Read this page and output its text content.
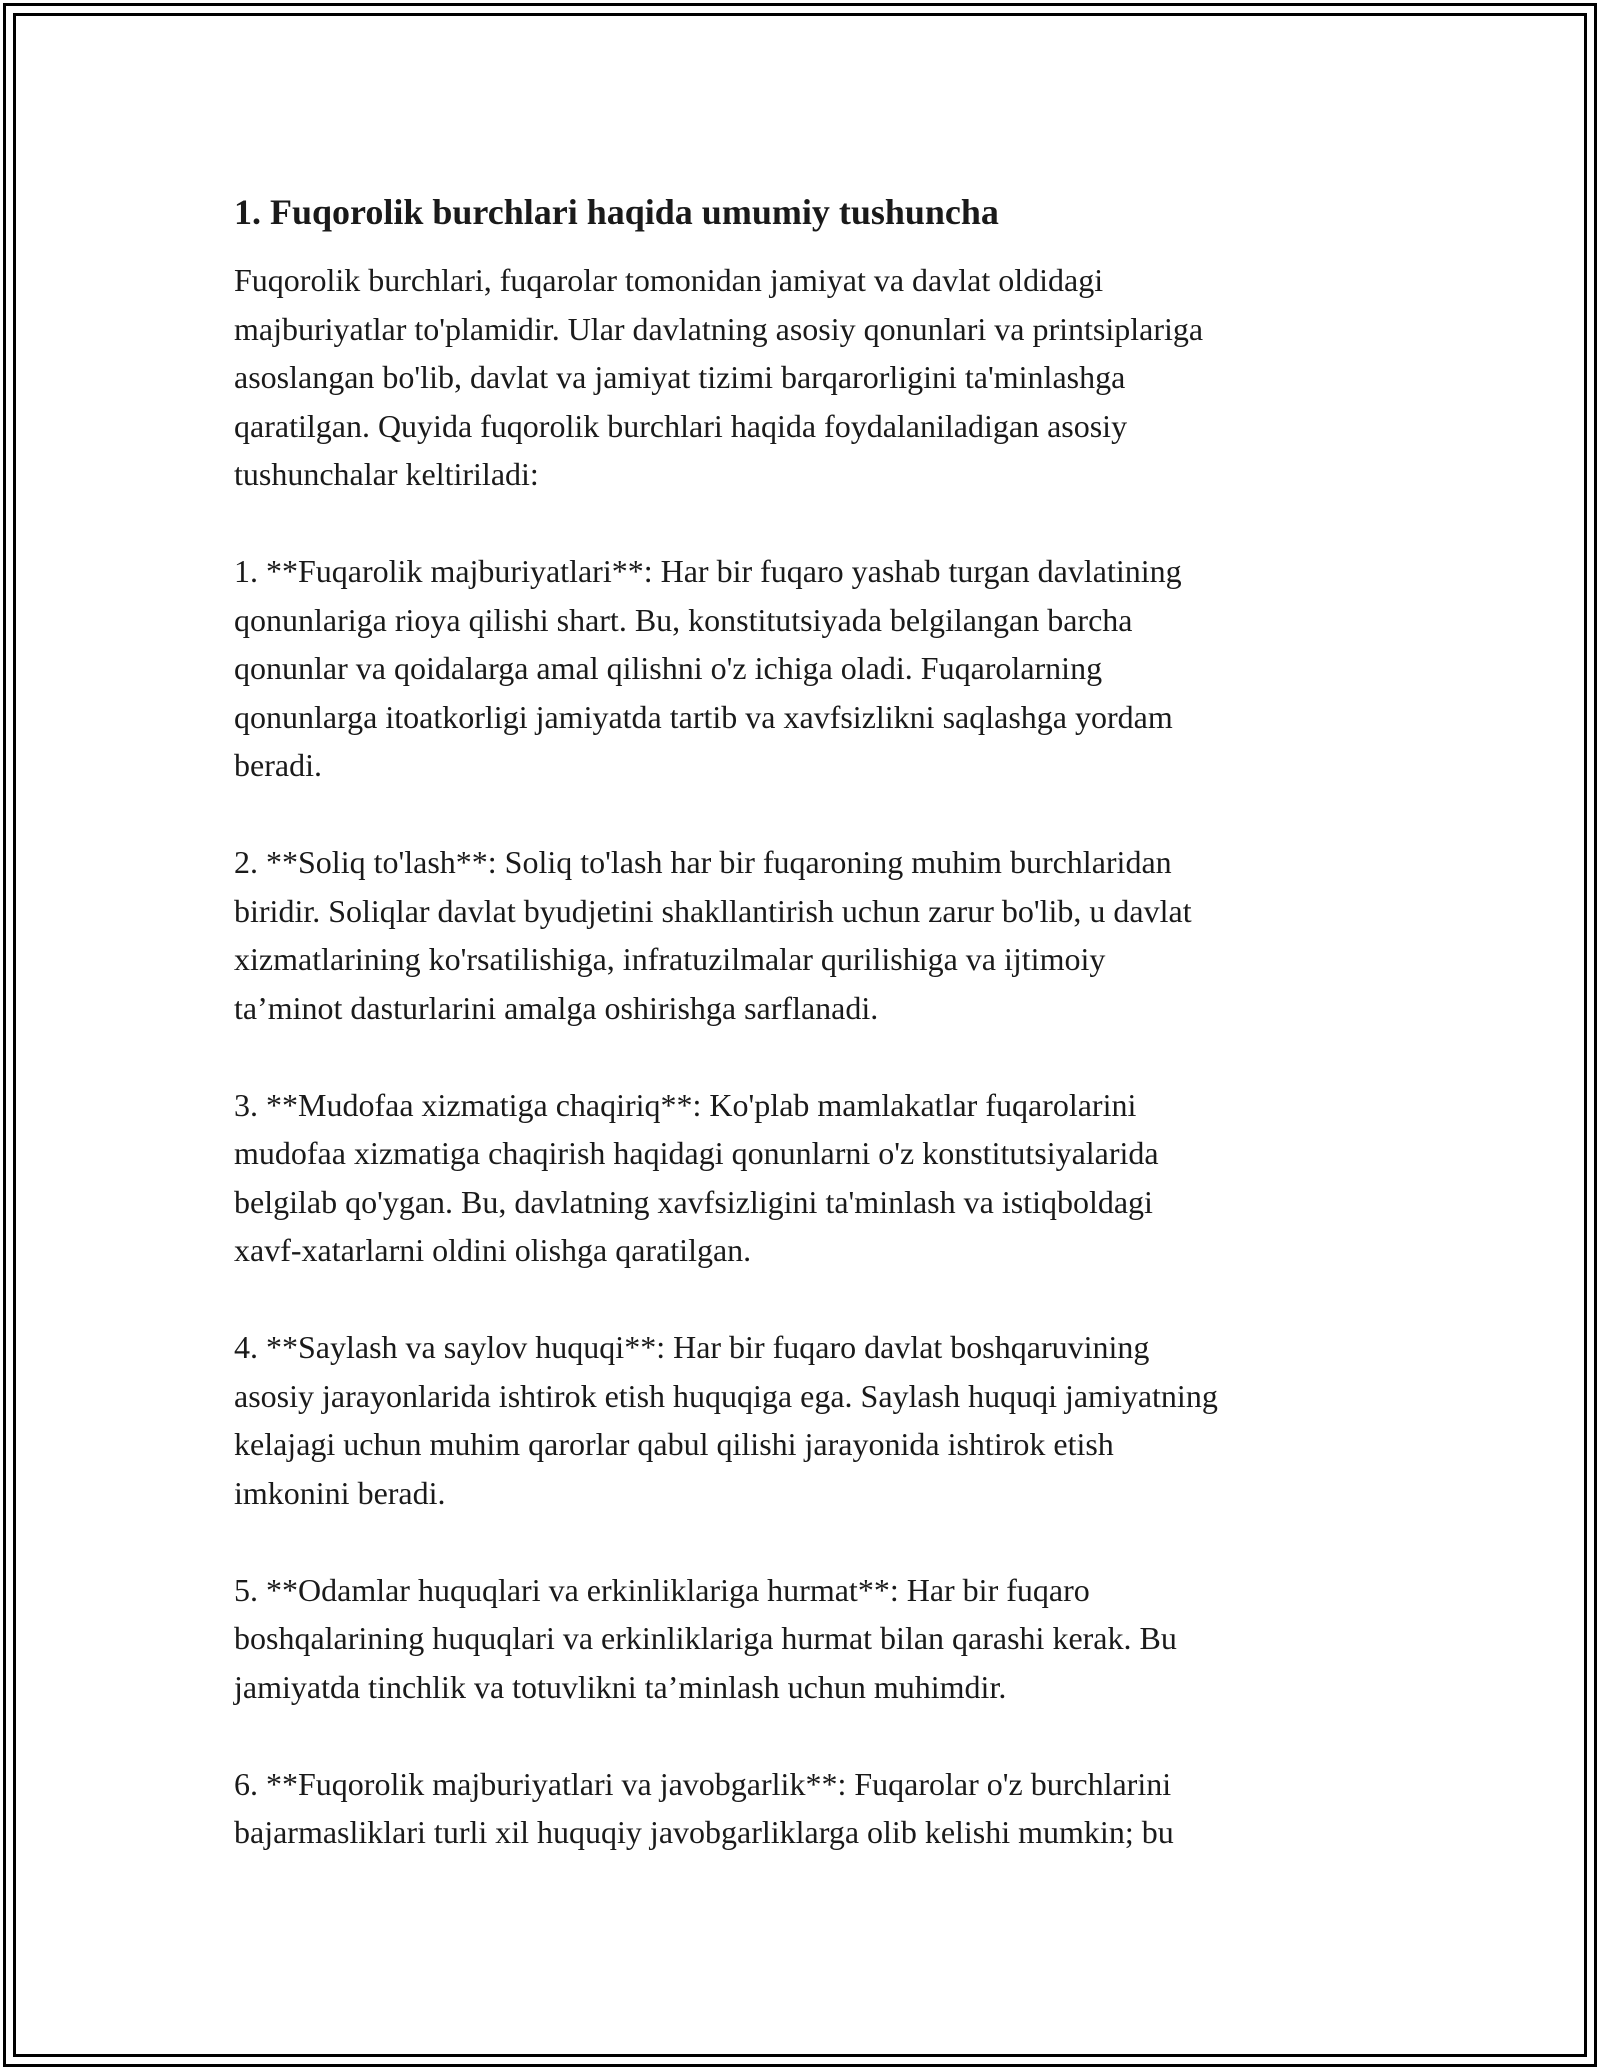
1. Fuqorolik burchlari haqida umumiy tushuncha
Fuqorolik burchlari, fuqarolar tomonidan jamiyat va davlat oldidagi
majburiyatlar to'plamidir. Ular davlatning asosiy qonunlari va printsiplariga
asoslangan bo'lib, davlat va jamiyat tizimi barqarorligini ta'minlashga
qaratilgan. Quyida fuqorolik burchlari haqida foydalaniladigan asosiy
tushunchalar keltiriladi:
1. **Fuqarolik majburiyatlari**: Har bir fuqaro yashab turgan davlatining
qonunlariga rioya qilishi shart. Bu, konstitutsiyada belgilangan barcha
qonunlar va qoidalarga amal qilishni o'z ichiga oladi. Fuqarolarning
qonunlarga itoatkorligi jamiyatda tartib va xavfsizlikni saqlashga yordam
beradi.
2. **Soliq to'lash**: Soliq to'lash har bir fuqaroning muhim burchlaridan
biridir. Soliqlar davlat byudjetini shakllantirish uchun zarur bo'lib, u davlat
xizmatlarining ko'rsatilishiga, infratuzilmalar qurilishiga va ijtimoiy
ta’minot dasturlarini amalga oshirishga sarflanadi.
3. **Mudofaa xizmatiga chaqiriq**: Ko'plab mamlakatlar fuqarolarini
mudofaa xizmatiga chaqirish haqidagi qonunlarni o'z konstitutsiyalarida
belgilab qo'ygan. Bu, davlatning xavfsizligini ta'minlash va istiqboldagi
xavf-xatarlarni oldini olishga qaratilgan.
4. **Saylash va saylov huquqi**: Har bir fuqaro davlat boshqaruvining
asosiy jarayonlarida ishtirok etish huquqiga ega. Saylash huquqi jamiyatning
kelajagi uchun muhim qarorlar qabul qilishi jarayonida ishtirok etish
imkonini beradi.
5. **Odamlar huquqlari va erkinliklariga hurmat**: Har bir fuqaro
boshqalarining huquqlari va erkinliklariga hurmat bilan qarashi kerak. Bu
jamiyatda tinchlik va totuvlikni ta’minlash uchun muhimdir.
6. **Fuqorolik majburiyatlari va javobgarlik**: Fuqarolar o'z burchlarini
bajarmasliklari turli xil huquqiy javobgarliklarga olib kelishi mumkin; bu
